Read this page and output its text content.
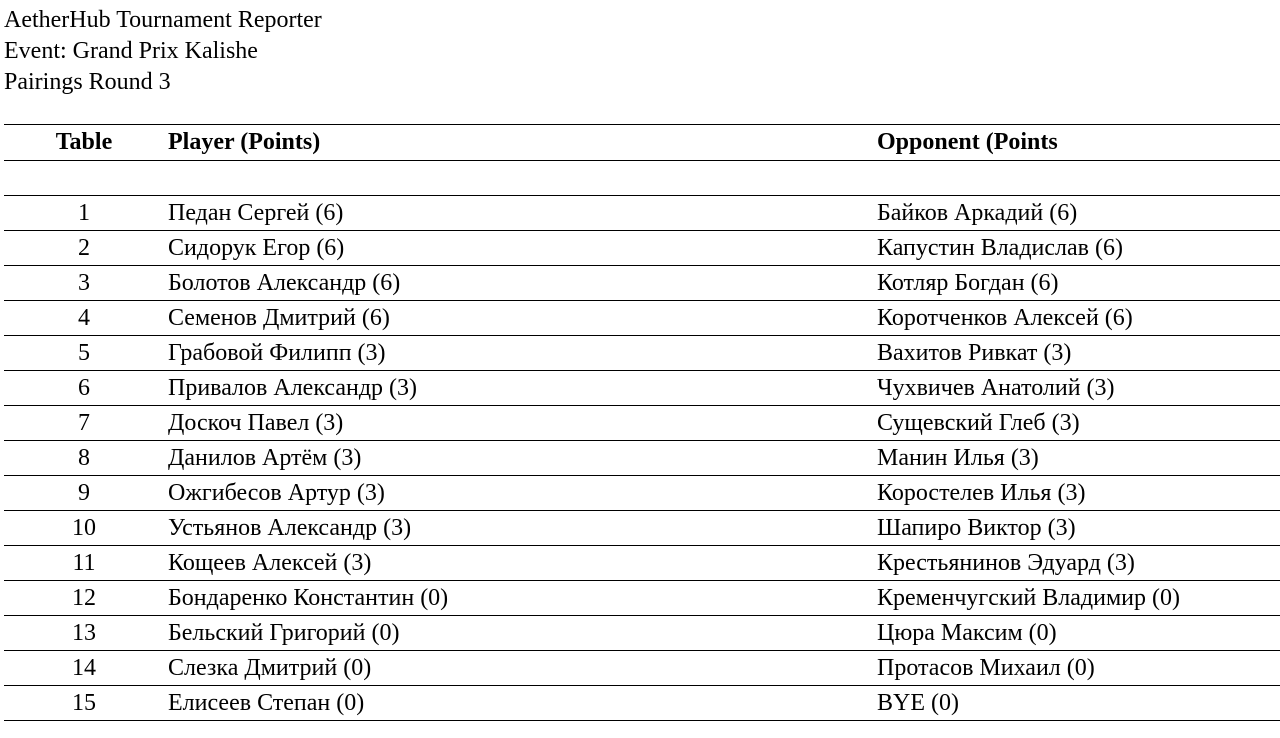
AetherHub Tournament Reporter
Event: Grand Prix Kalishe
Pairings Round 3
Table	Player (Points)	Opponent (Points

1	Педан Сергей (6)	Байков Аркадий (6)
2	Сидорук Егор (6)	Капустин Владислав (6)
3	Болотов Александр (6)	Котляр Богдан (6)
4	Семенов Дмитрий (6)	Коротченков Алексей (6)
5	Грабовой Филипп (3)	Вахитов Ривкат (3)
6	Привалов Александр (3)	Чухвичев Анатолий (3)
7	Доскоч Павел (3)	Сущевский Глеб (3)
8	Данилов Артём (3)	Манин Илья (3)
9	Ожгибесов Артур (3)	Коростелев Илья (3)
10	Устьянов Александр (3)	Шапиро Виктор (3)
11	Кощеев Алексей (3)	Крестьянинов Эдуард (3)
12	Бондаренко Константин (0)	Кременчугский Владимир (0)
13	Бельский Григорий (0)	Цюра Максим (0)
14	Слезка Дмитрий (0)	Протасов Михаил (0)
15	Елисеев Степан (0)	BYE (0)
